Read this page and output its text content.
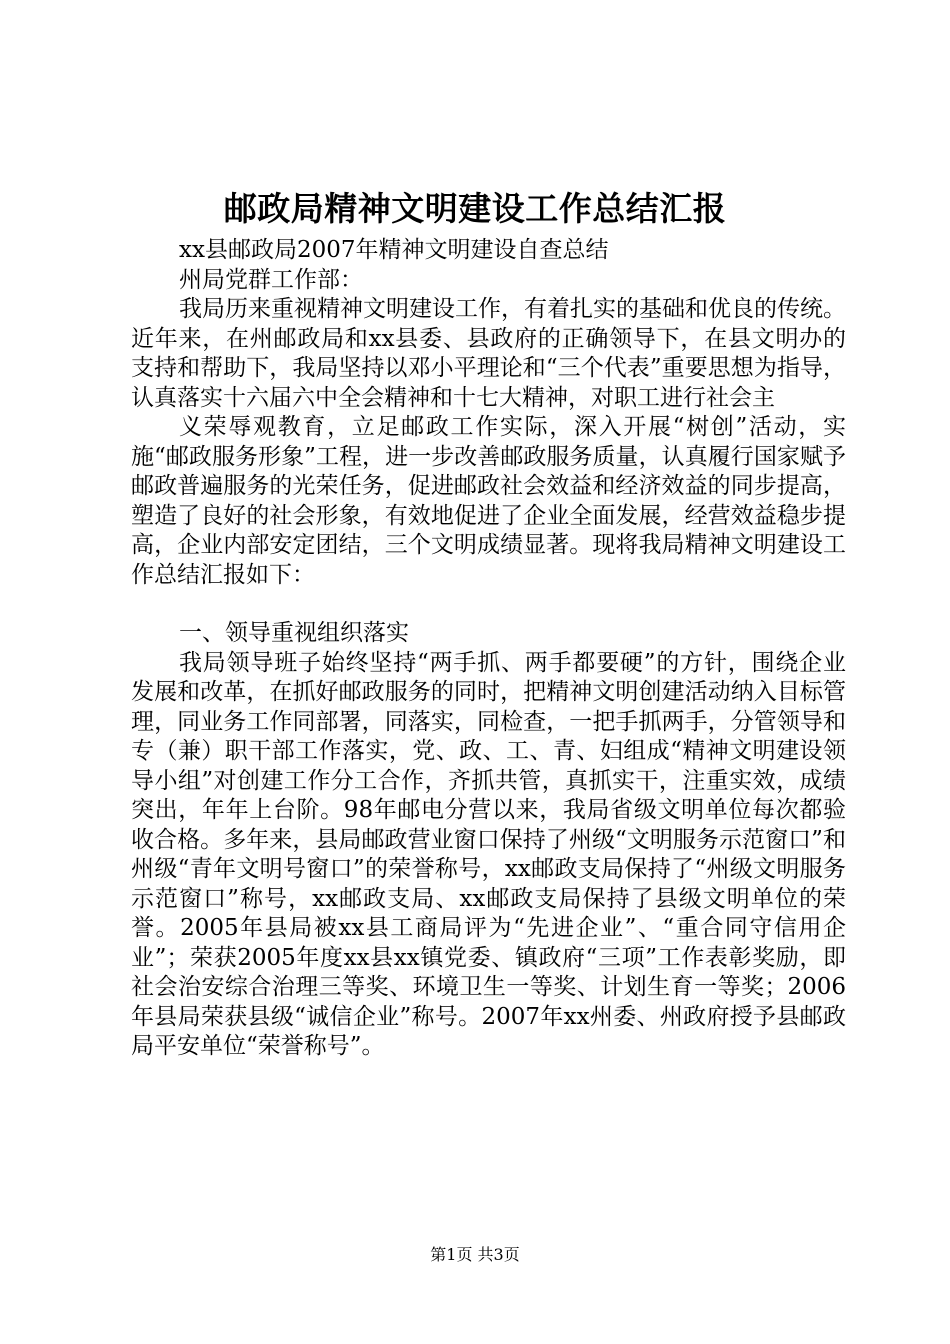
邮政局精神文明建设工作总结汇报

xx县邮政局2007年精神文明建设自查总结

州局党群工作部：

我局历来重视精神文明建设工作，有着扎实的基础和优良的传统。近年来，在州邮政局和xx县委、县政府的正确领导下，在县文明办的支持和帮助下，我局坚持以邓小平理论和“三个代表”重要思想为指导，认真落实十六届六中全会精神和十七大精神，对职工进行社会主

义荣辱观教育，立足邮政工作实际，深入开展“树创”活动，实施“邮政服务形象”工程，进一步改善邮政服务质量，认真履行国家赋予邮政普遍服务的光荣任务，促进邮政社会效益和经济效益的同步提高，塑造了良好的社会形象，有效地促进了企业全面发展，经营效益稳步提高，企业内部安定团结，三个文明成绩显著。现将我局精神文明建设工作总结汇报如下：

一、领导重视组织落实

我局领导班子始终坚持“两手抓、两手都要硬”的方针，围绕企业发展和改革，在抓好邮政服务的同时，把精神文明创建活动纳入目标管理，同业务工作同部署，同落实，同检查，一把手抓两手，分管领导和专（兼）职干部工作落实，党、政、工、青、妇组成“精神文明建设领导小组”对创建工作分工合作，齐抓共管，真抓实干，注重实效，成绩突出，年年上台阶。98年邮电分营以来，我局省级文明单位每次都验收合格。多年来，县局邮政营业窗口保持了州级“文明服务示范窗口”和州级“青年文明号窗口”的荣誉称号，xx邮政支局保持了“州级文明服务示范窗口”称号，xx邮政支局、xx邮政支局保持了县级文明单位的荣誉。2005年县局被xx县工商局评为“先进企业”、“重合同守信用企业”；荣获2005年度xx县xx镇党委、镇政府“三项”工作表彰奖励，即社会治安综合治理三等奖、环境卫生一等奖、计划生育一等奖；2006年县局荣获县级“诚信企业”称号。2007年xx州委、州政府授予县邮政局平安单位“荣誉称号”。

第1页 共3页
